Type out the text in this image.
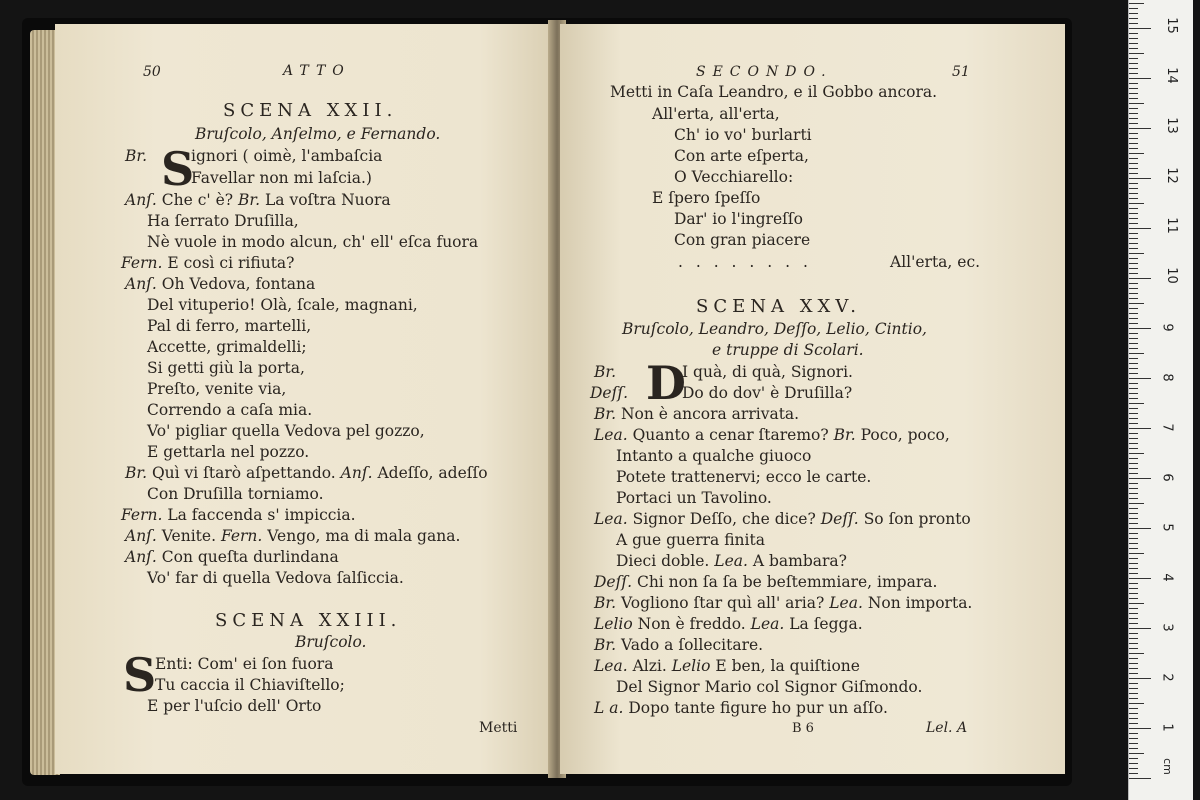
50	ATTO
SCENA XXII.
Bruſcolo, Anſelmo, e Fernando.
Br. S
ignori ( oimè, l'ambaſcia
Favellar non mi laſcia.)
Anſ. Che c' è? Br. La voſtra Nuora
Ha ſerrato Druſilla,
Nè vuole in modo alcun, ch' ell' eſca fuora
Fern. E così ci rifiuta?
Anſ. Oh Vedova, fontana
Del vituperio! Olà, ſcale, magnani,
Pal di ferro, martelli,
Accette, grimaldelli;
Si getti giù la porta,
Preſto, venite via,
Correndo a caſa mia.
Vo' pigliar quella Vedova pel gozzo,
E gettarla nel pozzo.
Br. Quì vi ſtarò aſpettando. Anſ. Adeſſo, adeſſo
Con Druſilla torniamo.
Fern. La faccenda s' impiccia.
Anſ. Venite. Fern. Vengo, ma di mala gana.
Anſ. Con queſta durlindana
Vo' far di quella Vedova ſalſiccia.
SCENA XXIII.
Bruſcolo.
S
Enti: Com' ei ſon fuora
Tu caccia il Chiaviſtello;
E per l'uſcio dell' Orto
Metti
SECONDO.	51
Metti in Caſa Leandro, e il Gobbo ancora.
All'erta, all'erta,
Ch' io vo' burlarti
Con arte eſperta,
O Vecchiarello:
E ſpero ſpeſſo
Dar' io l'ingreſſo
Con gran piacere
. . . . . . . .	All'erta, ec.
SCENA XXV.
Bruſcolo, Leandro, Deſſo, Lelio, Cintio,
e truppe di Scolari.
Br. D
I quà, di quà, Signori.
Deſſ.	Do do dov' è Druſilla?
Br. Non è ancora arrivata.
Lea. Quanto a cenar ſtaremo? Br. Poco, poco,
Intanto a qualche giuoco
Potete trattenervi; ecco le carte.
Portaci un Tavolino.
Lea. Signor Deſſo, che dice? Deſſ. So ſon pronto
A gue guerra finita
Dieci doble. Lea. A bambara?
Deſſ. Chi non ſa ſa be beſtemmiare, impara.
Br. Vogliono ſtar quì all' aria? Lea. Non importa.
Lelio Non è freddo. Lea. La ſegga.
Br. Vado a ſollecitare.
Lea. Alzi. Lelio E ben, la quiſtione
Del Signor Mario col Signor Giſmondo.
L a. Dopo tante figure ho pur un aſſo.
B 6	Lel. A
cm
1
2
3
4
5
6
7
8
9
10
11
12
13
14
15
